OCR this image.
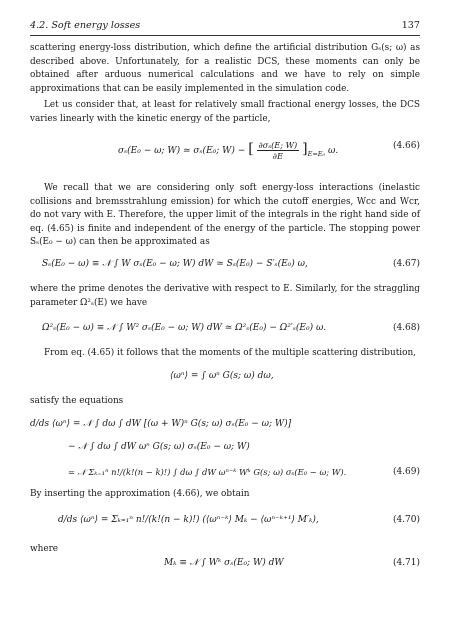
4.2. Soft energy losses	137
scattering energy-loss distribution, which define the artificial distribution Gₛ(s; ω) as described above. Unfortunately, for a realistic DCS, these moments can only be obtained after arduous numerical calculations and we have to rely on simple approximations that can be easily implemented in the simulation code.
Let us consider that, at least for relatively small fractional energy losses, the DCS varies linearly with the kinetic energy of the particle,
σₛ(E₀ − ω; W) ≃ σₛ(E₀; W) − [ $\frac{\text{∂σₛ(E; W)}}{\partial E} ]_{E=E_0}$ ω.	(4.66)
We recall that we are considering only soft energy-loss interactions (inelastic collisions and bremsstrahlung emission) for which the cutoff energies, Wcc and Wcr, do not vary with E. Therefore, the upper limit of the integrals in the right hand side of eq. (4.65) is finite and independent of the energy of the particle. The stopping power Sₛ(E₀ − ω) can then be approximated as
Sₛ(E₀ − ω) ≡ 𝒩 ∫ W σₛ(E₀ − ω; W) dW ≃ Sₛ(E₀) − S′ₛ(E₀) ω,	(4.67)
where the prime denotes the derivative with respect to E. Similarly, for the straggling parameter Ω²ₛ(E) we have
Ω²ₛ(E₀ − ω) ≡ 𝒩 ∫ W² σₛ(E₀ − ω; W) dW ≃ Ω²ₛ(E₀) − Ω²′ₛ(E₀) ω.	(4.68)
From eq. (4.65) it follows that the moments of the multiple scattering distribution,
⟨ωⁿ⟩ = ∫ ωⁿ G(s; ω) dω,
satisfy the equations
d/ds ⟨ωⁿ⟩ = 𝒩 ∫ dω ∫ dW [(ω + W)ⁿ G(s; ω) σₛ(E₀ − ω; W)]
− 𝒩 ∫ dω ∫ dW ωⁿ G(s; ω) σₛ(E₀ − ω; W)
= 𝒩 Σₖ₌₁ⁿ n!/(k!(n − k)!) ∫ dω ∫ dW ωⁿ⁻ᵏ Wᵏ G(s; ω) σₛ(E₀ − ω; W).	(4.69)
By inserting the approximation (4.66), we obtain
d/ds ⟨ωⁿ⟩ = Σₖ₌₁ⁿ n!/(k!(n − k)!) (⟨ωⁿ⁻ᵏ⟩ Mₖ − ⟨ωⁿ⁻ᵏ⁺¹⟩ M′ₖ),	(4.70)
where
Mₖ ≡ 𝒩 ∫ Wᵏ σₛ(E₀; W) dW	(4.71)
